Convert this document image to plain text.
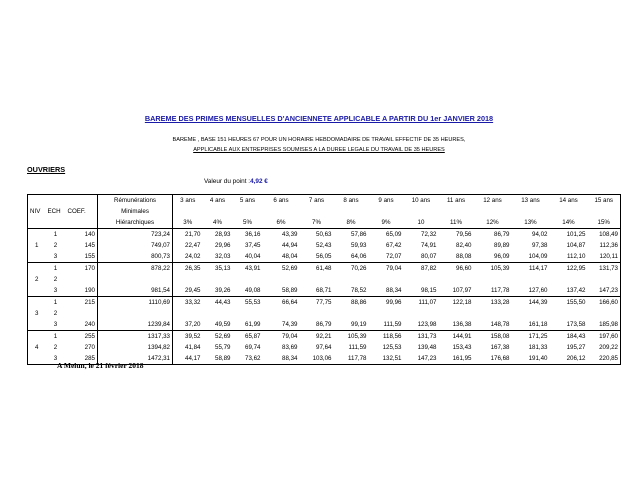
BAREME DES PRIMES MENSUELLES D'ANCIENNETE APPLICABLE A PARTIR DU 1er JANVIER 2018
BAREME , BASE 151 HEURES 67 POUR UN HORAIRE HEBDOMADAIRE DE TRAVAIL EFFECTIF DE 35 HEURES,
APPLICABLE AUX ENTREPRISES SOUMISES A LA DUREE LEGALE DU TRAVAIL DE 35 HEURES
OUVRIERS
Valeur du point :4,92 €
			Rémunérations	3 ans	4 ans	5 ans	6 ans	7 ans	8 ans	9 ans	10 ans	11 ans	12 ans	13 ans	14 ans	15 ans
NIV	ECH	COEF.	Minimales													
			Hiérarchiques	3%	4%	5%	6%	7%	8%	9%	10	11%	12%	13%	14%	15%
	1	140	723,24	21,70	28,93	36,16	43,39	50,63	57,86	65,09	72,32	79,56	86,79	94,02	101,25	108,49
1	2	145	749,07	22,47	29,96	37,45	44,94	52,43	59,93	67,42	74,91	82,40	89,89	97,38	104,87	112,36
	3	155	800,73	24,02	32,03	40,04	48,04	56,05	64,06	72,07	80,07	88,08	96,09	104,09	112,10	120,11
	1	170	878,22	26,35	35,13	43,91	52,69	61,48	70,26	79,04	87,82	96,60	105,39	114,17	122,95	131,73
2	2															
	3	190	981,54	29,45	39,26	49,08	58,89	68,71	78,52	88,34	98,15	107,97	117,78	127,60	137,42	147,23
	1	215	1110,69	33,32	44,43	55,53	66,64	77,75	88,86	99,96	111,07	122,18	133,28	144,39	155,50	166,60
3	2															
	3	240	1239,84	37,20	49,59	61,99	74,39	86,79	99,19	111,59	123,98	136,38	148,78	161,18	173,58	185,98
	1	255	1317,33	39,52	52,69	65,87	79,04	92,21	105,39	118,56	131,73	144,91	158,08	171,25	184,43	197,60
4	2	270	1394,82	41,84	55,79	69,74	83,69	97,64	111,59	125,53	139,48	153,43	167,38	181,33	195,27	209,22
	3	285	1472,31	44,17	58,89	73,62	88,34	103,06	117,78	132,51	147,23	161,95	176,68	191,40	206,12	220,85
A Melun, le 21 février 2018
